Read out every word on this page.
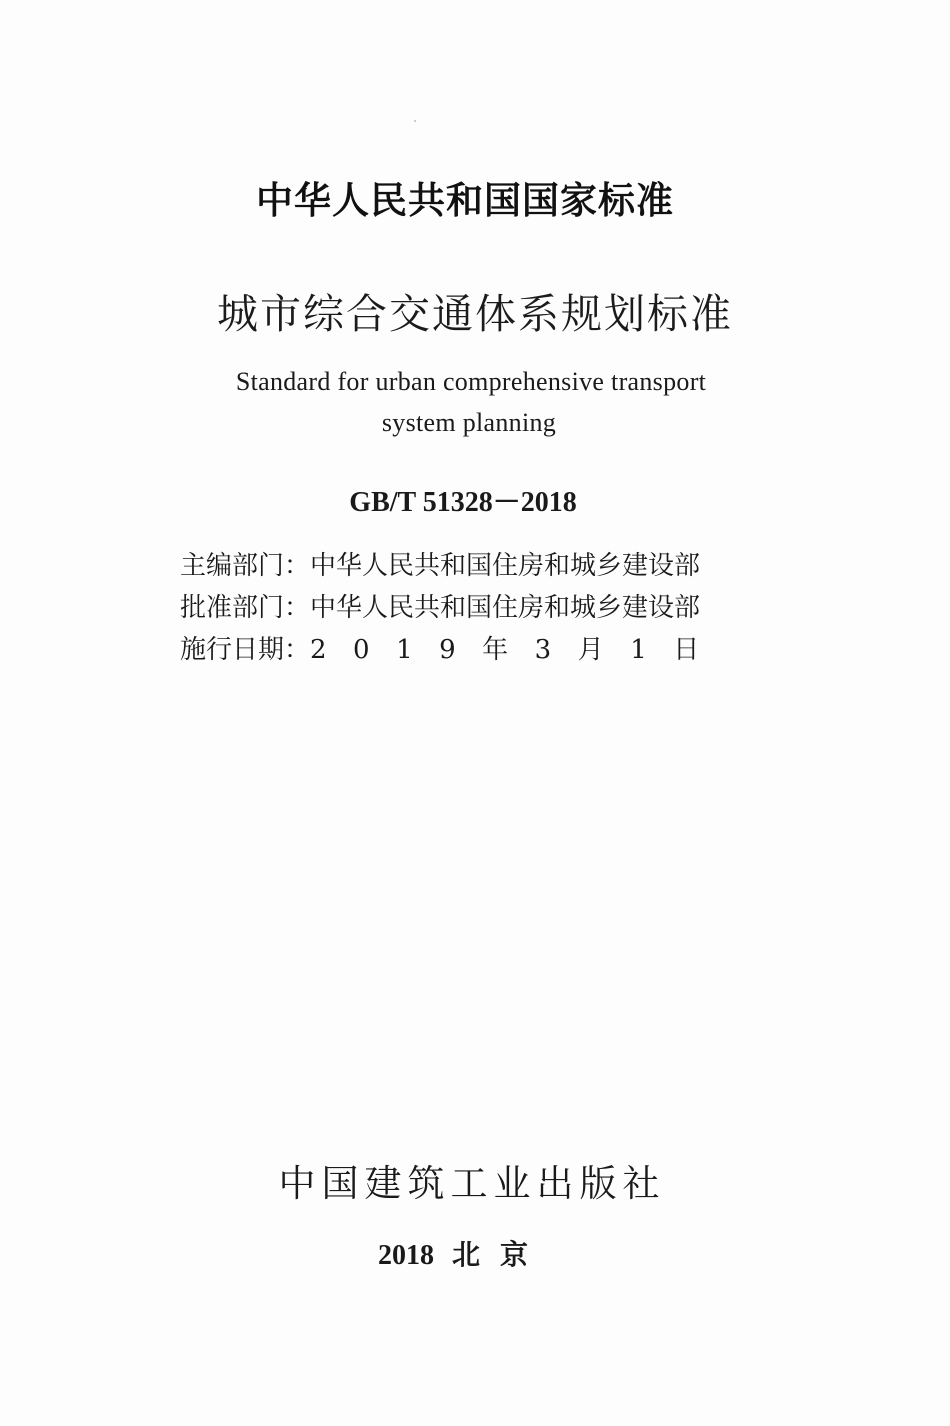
中华人民共和国国家标准
城市综合交通体系规划标准
Standard for urban comprehensive transport
system planning
GB/T 51328－2018
主编部门：中华人民共和国住房和城乡建设部
批准部门：中华人民共和国住房和城乡建设部
施行日期：2019年3月1日
中国建筑工业出版社
2018 北京
